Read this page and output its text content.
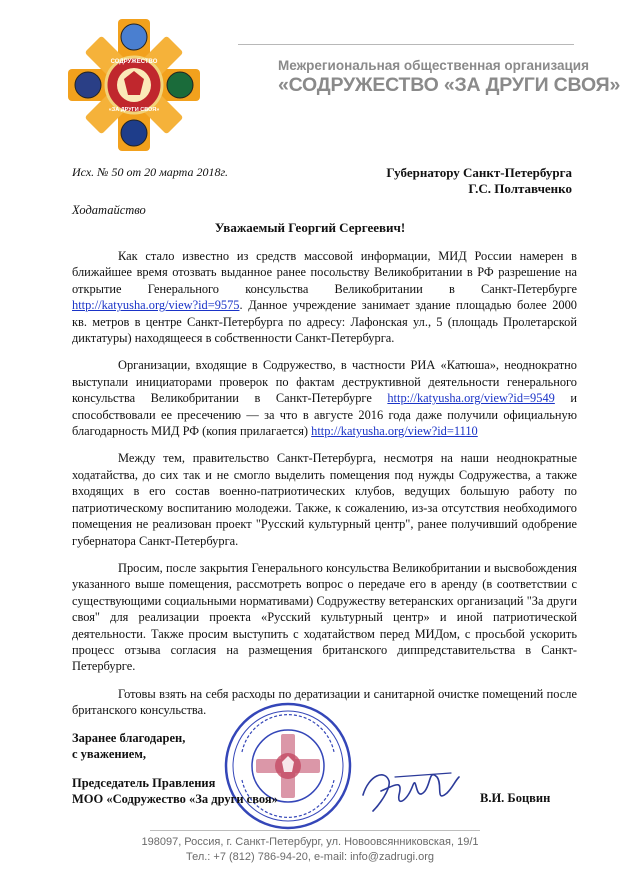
СОДРУЖЕСТВО
«ЗА ДРУГИ СВОЯ»
Межрегиональная общественная организация
«СОДРУЖЕСТВО «ЗА ДРУГИ СВОЯ»
Исх. № 50 от 20 марта 2018г.	Губернатору Санкт-Петербурга
Г.С. Полтавченко
Ходатайство
Уважаемый Георгий Сергеевич!

Как стало известно из средств массовой информации, МИД России намерен в ближайшее время отозвать выданное ранее посольству Великобритании в РФ разрешение на открытие Генерального консульства Великобритании в Санкт-Петербурге http://katyusha.org/view?id=9575. Данное учреждение занимает здание площадью более 2000 кв. метров в центре Санкт-Петербурга по адресу: Лафонская ул., 5 (площадь Пролетарской диктатуры) находящееся в собственности Санкт-Петербурга.

Организации, входящие в Содружество, в частности РИА «Катюша», неоднократно выступали инициаторами проверок по фактам деструктивной деятельности генерального консульства Великобритании в Санкт-Петербурге http://katyusha.org/view?id=9549 и способствовали ее пресечению — за что в августе 2016 года даже получили официальную благодарность МИД РФ (копия прилагается) http://katyusha.org/view?id=1110

Между тем, правительство Санкт-Петербурга, несмотря на наши неоднократные ходатайства, до сих так и не смогло выделить помещения под нужды Содружества, а также входящих в его состав военно-патриотических клубов, ведущих большую работу по патриотическому воспитанию молодежи. Также, к сожалению, из-за отсутствия необходимого помещения не реализован проект "Русский культурный центр", ранее получивший одобрение губернатора Санкт-Петербурга.

Просим, после закрытия Генерального консульства Великобритании и высвобождения указанного выше помещения, рассмотреть вопрос о передаче его в аренду (в соответствии с существующими социальными нормативами) Содружеству ветеранских организаций "За други своя" для реализации проекта «Русский культурный центр» и иной патриотической деятельности. Также просим выступить с ходатайством перед МИДом, с просьбой ускорить процесс отзыва согласия на размещения британского диппредставительства в Санкт-Петербурге.

Готовы взять на себя расходы по дератизации и санитарной очистке помещений после британского консульства.

Заранее благодарен,
с уважением,
Председатель Правления
МОО «Содружество «За други своя»	В.И. Боцвин
198097, Россия, г. Санкт-Петербург, ул. Новоовсянниковская, 19/1
Тел.: +7 (812) 786-94-20, e-mail: info@zadrugi.org
